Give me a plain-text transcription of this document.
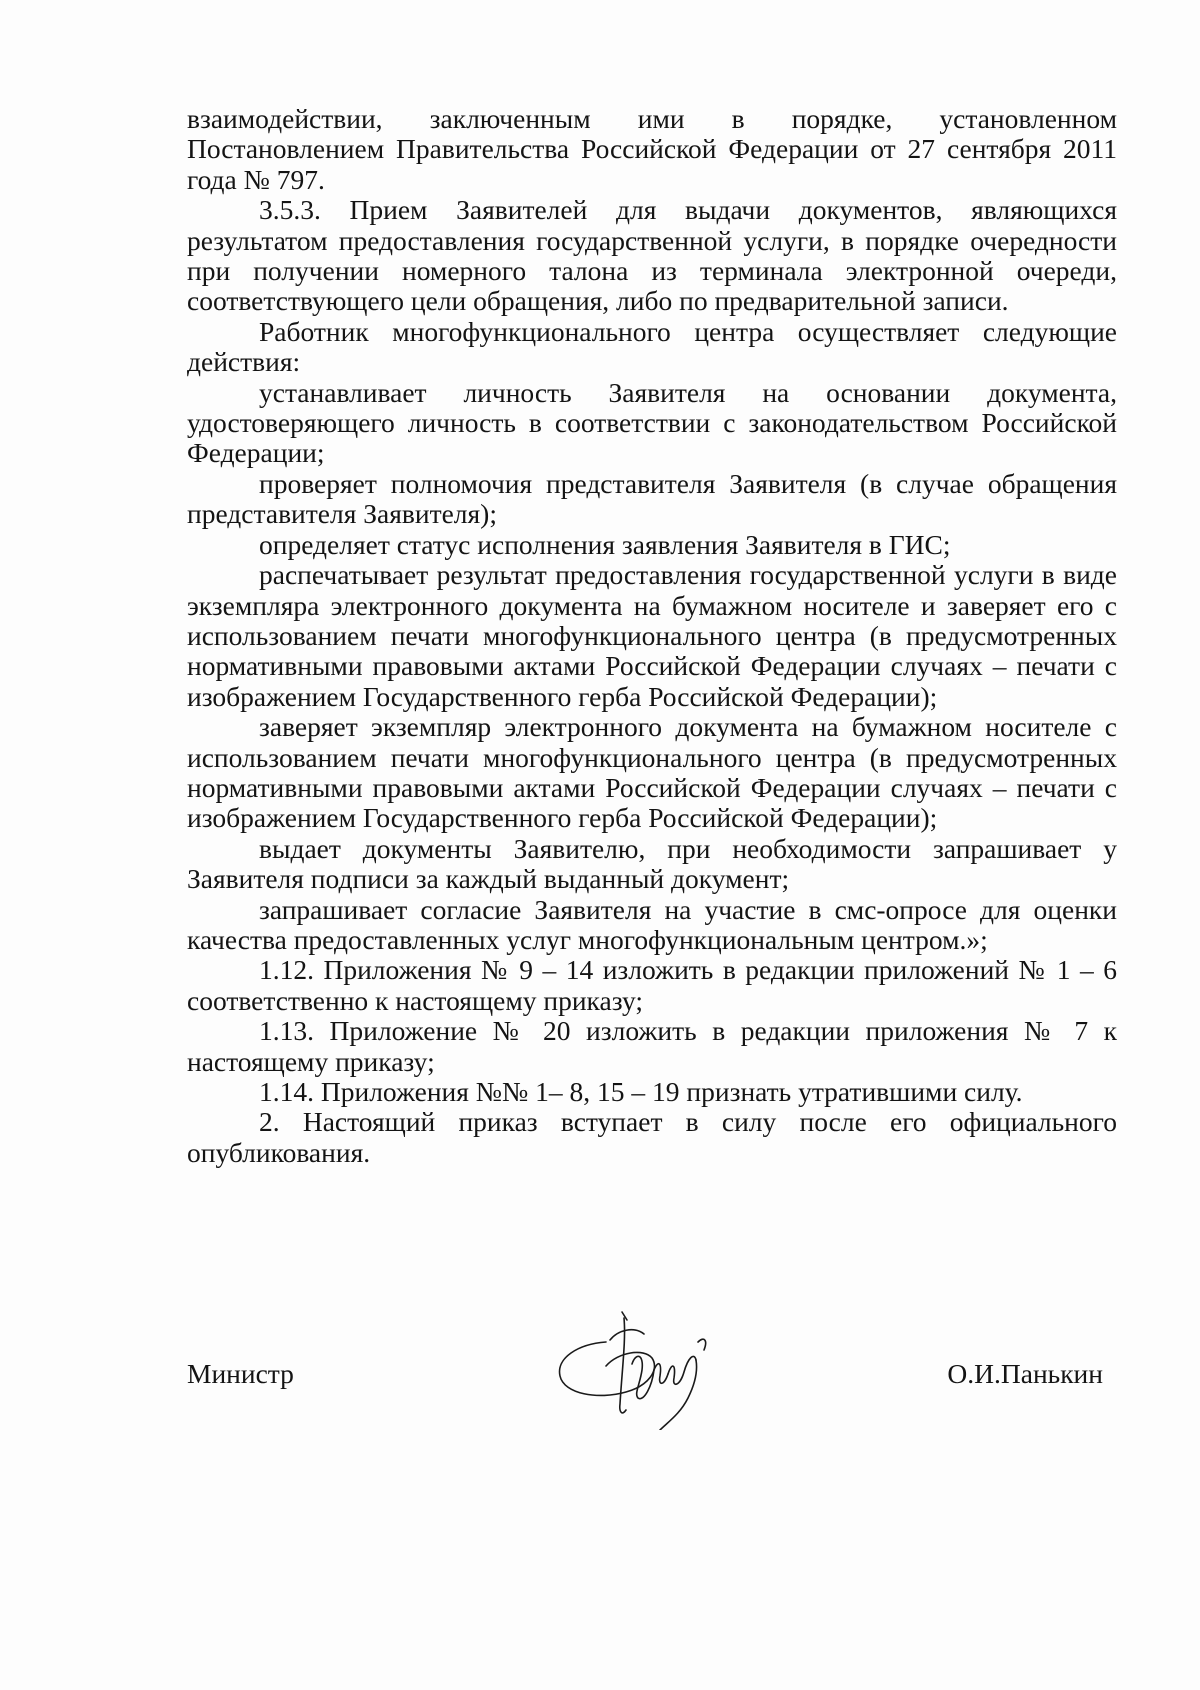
взаимодействии, заключенным ими в порядке, установленном Постановлением Правительства Российской Федерации от 27 сентября 2011 года № 797.

3.5.3. Прием Заявителей для выдачи документов, являющихся результатом предоставления государственной услуги, в порядке очередности при получении номерного талона из терминала электронной очереди, соответствующего цели обращения, либо по предварительной записи.

Работник многофункционального центра осуществляет следующие действия:

устанавливает личность Заявителя на основании документа, удостоверяющего личность в соответствии с законодательством Российской Федерации;

проверяет полномочия представителя Заявителя (в случае обращения представителя Заявителя);

определяет статус исполнения заявления Заявителя в ГИС;

распечатывает результат предоставления государственной услуги в виде экземпляра электронного документа на бумажном носителе и заверяет его с использованием печати многофункционального центра (в предусмотренных нормативными правовыми актами Российской Федерации случаях – печати с изображением Государственного герба Российской Федерации);

заверяет экземпляр электронного документа на бумажном носителе с использованием печати многофункционального центра (в предусмотренных нормативными правовыми актами Российской Федерации случаях – печати с изображением Государственного герба Российской Федерации);

выдает документы Заявителю, при необходимости запрашивает у Заявителя подписи за каждый выданный документ;

запрашивает согласие Заявителя на участие в смс-опросе для оценки качества предоставленных услуг многофункциональным центром.»;

1.12. Приложения № 9 – 14 изложить в редакции приложений № 1 – 6 соответственно к настоящему приказу;

1.13. Приложение № 20 изложить в редакции приложения № 7 к настоящему приказу;

1.14. Приложения №№ 1– 8, 15 – 19 признать утратившими силу.

2. Настоящий приказ вступает в силу после его официального опубликования.

Министр	О.И.Панькин
